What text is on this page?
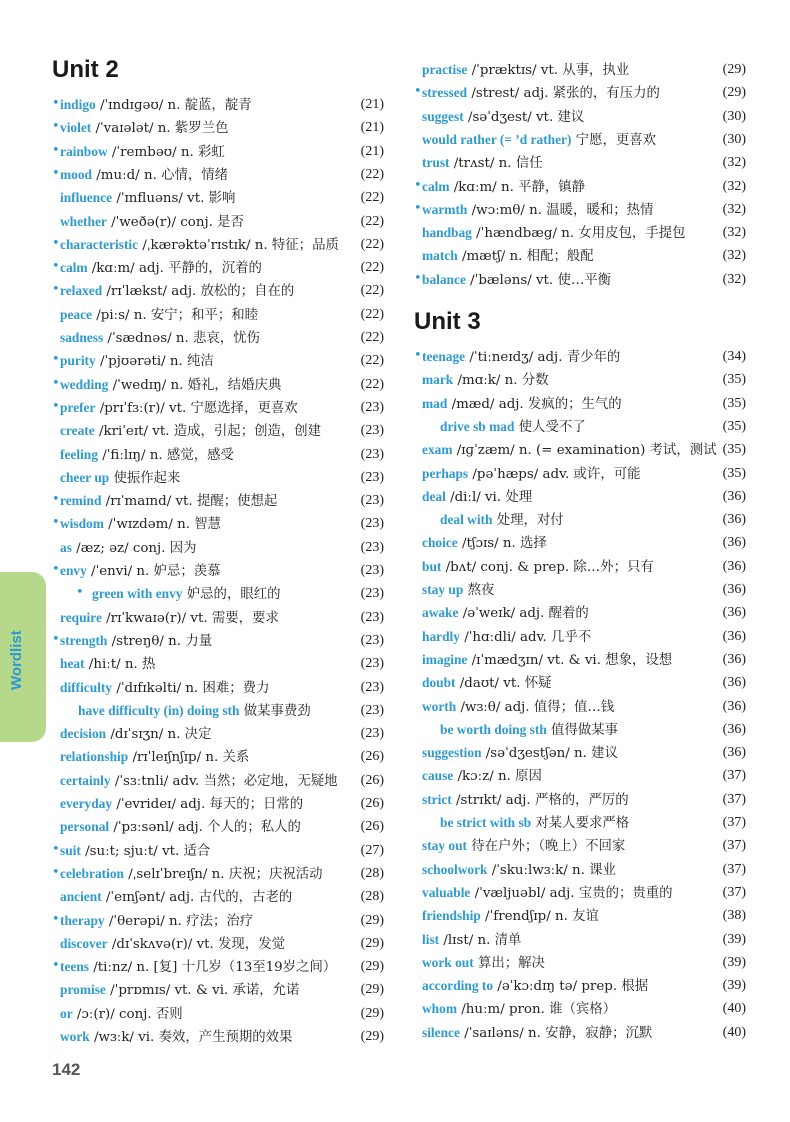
Unit 2
• indigo /ˈɪndɪɡəʊ/ n. 靛蓝，靛青	(21)
• violet /ˈvaɪələt/ n. 紫罗兰色	(21)
• rainbow /ˈreɪnbəʊ/ n. 彩虹	(21)
• mood /muːd/ n. 心情，情绪	(22)
influence /ˈɪnfluəns/ vt. 影响	(22)
whether /ˈweðə(r)/ conj. 是否	(22)
• characteristic /ˌkærəktəˈrɪstɪk/ n. 特征；品质 (22)
• calm /kɑːm/ adj. 平静的，沉着的	(22)
• relaxed /rɪˈlækst/ adj. 放松的；自在的	(22)
peace /piːs/ n. 安宁；和平；和睦	(22)
sadness /ˈsædnəs/ n. 悲哀，忧伤	(22)
• purity /ˈpjʊərəti/ n. 纯洁	(22)
• wedding /ˈwedɪŋ/ n. 婚礼，结婚庆典	(22)
• prefer /prɪˈfɜː(r)/ vt. 宁愿选择，更喜欢	(23)
create /kriˈeɪt/ vt. 造成，引起；创造，创建	(23)
feeling /ˈfiːlɪŋ/ n. 感觉，感受	(23)
cheer up 使振作起来	(23)
• remind /rɪˈmaɪnd/ vt. 提醒；使想起	(23)
• wisdom /ˈwɪzdəm/ n. 智慧	(23)
as /æz; əz/ conj. 因为	(23)
• envy /ˈenvi/ n. 妒忌；羡慕	(23)
• green with envy 妒忌的，眼红的	(23)
require /rɪˈkwaɪə(r)/ vt. 需要，要求	(23)
• strength /streŋθ/ n. 力量	(23)
heat /hiːt/ n. 热	(23)
difficulty /ˈdɪfɪkəlti/ n. 困难；费力	(23)
have difficulty (in) doing sth 做某事费劲	(23)
decision /dɪˈsɪʒn/ n. 决定	(23)
relationship /rɪˈleɪʃnʃɪp/ n. 关系	(26)
certainly /ˈsɜːtnli/ adv. 当然；必定地，无疑地 (26)
everyday /ˈevrideɪ/ adj. 每天的；日常的	(26)
personal /ˈpɜːsənl/ adj. 个人的；私人的	(26)
• suit /suːt; sjuːt/ vt. 适合	(27)
• celebration /ˌselɪˈbreɪʃn/ n. 庆祝；庆祝活动	(28)
ancient /ˈeɪnʃənt/ adj. 古代的，古老的	(28)
• therapy /ˈθerəpi/ n. 疗法；治疗	(29)
discover /dɪˈskʌvə(r)/ vt. 发现，发觉	(29)
• teens /tiːnz/ n. [复] 十几岁（13至19岁之间） (29)
promise /ˈprɒmɪs/ vt. & vi. 承诺，允诺	(29)
or /ɔː(r)/ conj. 否则	(29)
work /wɜːk/ vi. 奏效，产生预期的效果	(29)
practise /ˈpræktɪs/ vt. 从事，执业	(29)
• stressed /strest/ adj. 紧张的，有压力的	(29)
suggest /səˈdʒest/ vt. 建议	(30)
would rather (= ’d rather) 宁愿，更喜欢	(30)
trust /trʌst/ n. 信任	(32)
• calm /kɑːm/ n. 平静，镇静	(32)
• warmth /wɔːmθ/ n. 温暖，暖和；热情	(32)
handbag /ˈhændbæg/ n. 女用皮包，手提包	(32)
match /mætʃ/ n. 相配；般配	(32)
• balance /ˈbæləns/ vt. 使…平衡	(32)
Unit 3
• teenage /ˈtiːneɪdʒ/ adj. 青少年的	(34)
mark /mɑːk/ n. 分数	(35)
mad /mæd/ adj. 发疯的；生气的	(35)
drive sb mad 使人受不了	(35)
exam /ɪɡˈzæm/ n. (= examination) 考试，测试 (35)
perhaps /pəˈhæps/ adv. 或许，可能	(35)
deal /diːl/ vi. 处理	(36)
deal with 处理，对付	(36)
choice /tʃɔɪs/ n. 选择	(36)
but /bʌt/ conj. & prep. 除…外；只有	(36)
stay up 熬夜	(36)
awake /əˈweɪk/ adj. 醒着的	(36)
hardly /ˈhɑːdli/ adv. 几乎不	(36)
imagine /ɪˈmædʒɪn/ vt. & vi. 想象，设想	(36)
doubt /daʊt/ vt. 怀疑	(36)
worth /wɜːθ/ adj. 值得；值…钱	(36)
be worth doing sth 值得做某事	(36)
suggestion /səˈdʒestʃən/ n. 建议	(36)
cause /kɔːz/ n. 原因	(37)
strict /strɪkt/ adj. 严格的，严厉的	(37)
be strict with sb 对某人要求严格	(37)
stay out 待在户外；（晚上）不回家	(37)
schoolwork /ˈskuːlwɜːk/ n. 课业	(37)
valuable /ˈvæljuəbl/ adj. 宝贵的；贵重的	(37)
friendship /ˈfrendʃɪp/ n. 友谊	(38)
list /lɪst/ n. 清单	(39)
work out 算出；解决	(39)
according to /əˈkɔːdɪŋ tə/ prep. 根据	(39)
whom /huːm/ pron. 谁（宾格）	(40)
silence /ˈsaɪləns/ n. 安静，寂静；沉默	(40)
Wordlist
142
